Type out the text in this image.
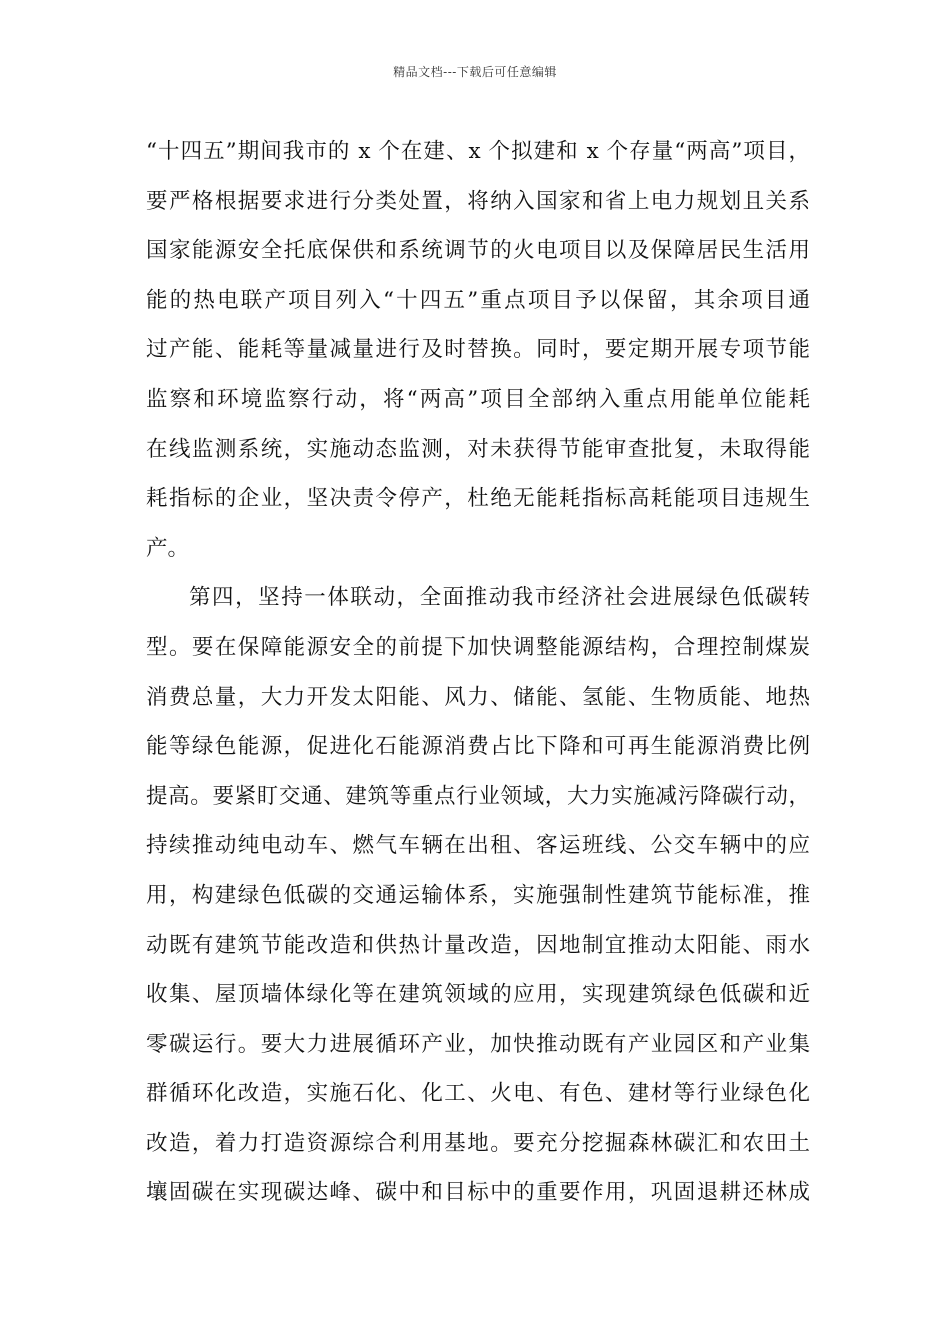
精品文档---下载后可任意编辑
“十四五”期间我市的 x 个在建、x 个拟建和 x 个存量“两高”项目，
要严格根据要求进行分类处置，将纳入国家和省上电力规划且关系
国家能源安全托底保供和系统调节的火电项目以及保障居民生活用
能的热电联产项目列入“十四五”重点项目予以保留，其余项目通
过产能、能耗等量减量进行及时替换。同时，要定期开展专项节能
监察和环境监察行动，将“两高”项目全部纳入重点用能单位能耗
在线监测系统，实施动态监测，对未获得节能审查批复，未取得能
耗指标的企业，坚决责令停产，杜绝无能耗指标高耗能项目违规生
产。
第四，坚持一体联动，全面推动我市经济社会进展绿色低碳转
型。要在保障能源安全的前提下加快调整能源结构，合理控制煤炭
消费总量，大力开发太阳能、风力、储能、氢能、生物质能、地热
能等绿色能源，促进化石能源消费占比下降和可再生能源消费比例
提高。要紧盯交通、建筑等重点行业领域，大力实施减污降碳行动，
持续推动纯电动车、燃气车辆在出租、客运班线、公交车辆中的应
用，构建绿色低碳的交通运输体系，实施强制性建筑节能标准，推
动既有建筑节能改造和供热计量改造，因地制宜推动太阳能、雨水
收集、屋顶墙体绿化等在建筑领域的应用，实现建筑绿色低碳和近
零碳运行。要大力进展循环产业，加快推动既有产业园区和产业集
群循环化改造，实施石化、化工、火电、有色、建材等行业绿色化
改造，着力打造资源综合利用基地。要充分挖掘森林碳汇和农田土
壤固碳在实现碳达峰、碳中和目标中的重要作用，巩固退耕还林成
